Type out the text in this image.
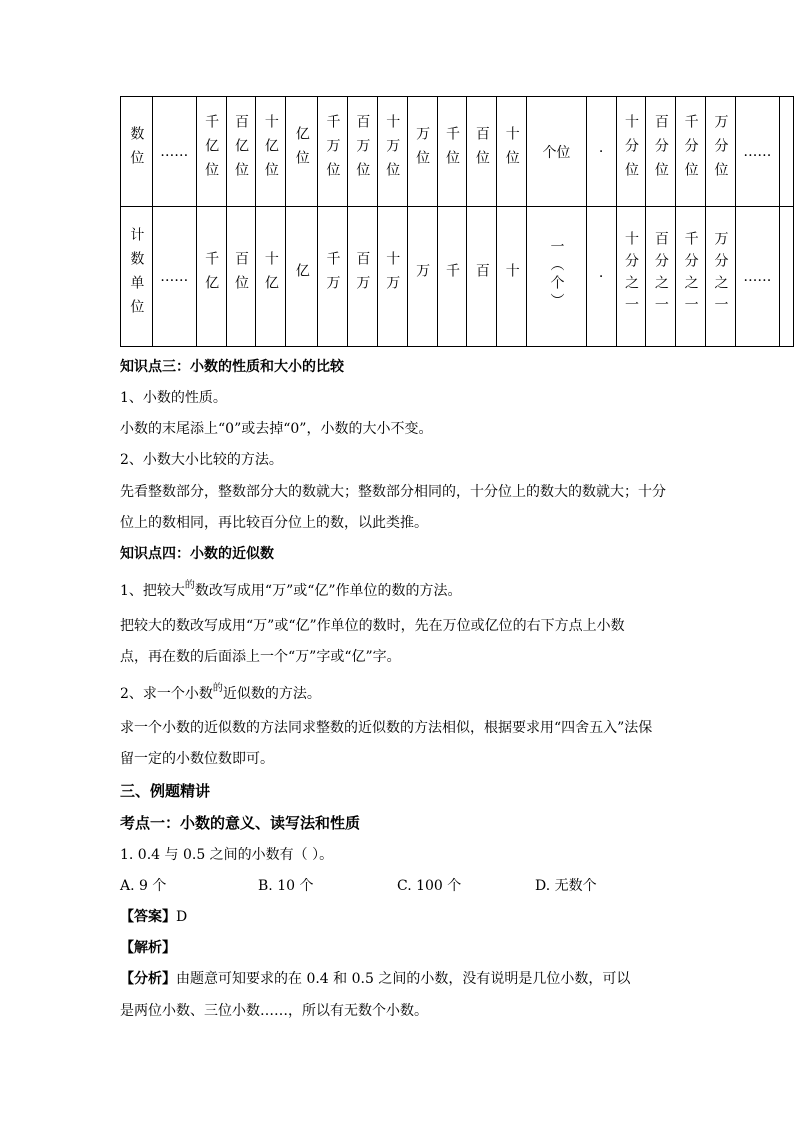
数位	……	千亿位	百亿位	十亿位	亿位	千万位	百万位	十万位	万位	千位	百位	十位	个位	·	十分位	百分位	千分位	万分位	……	
计数单位	……	千亿	百位	十亿	亿	千万	百万	十万	万	千	百	十	一（个）	·	十分之一	百分之一	千分之一	万分之一	……	
知识点三：小数的性质和大小的比较
1、小数的性质。
小数的末尾添上“0”或去掉“0”，小数的大小不变。
2、小数大小比较的方法。
先看整数部分，整数部分大的数就大；整数部分相同的，十分位上的数大的数就大；十分
位上的数相同，再比较百分位上的数，以此类推。
知识点四：小数的近似数
1、把较大$^的$数改写成用“万”或“亿”作单位的数的方法。
把较大的数改写成用“万”或“亿”作单位的数时，先在万位或亿位的右下方点上小数
点，再在数的后面添上一个“万”字或“亿”字。
2、求一个小数$^的$近似数的方法。
求一个小数的近似数的方法同求整数的近似数的方法相似，根据要求用“四舍五入”法保
留一定的小数位数即可。
三、例题精讲
考点一：小数的意义、读写法和性质
1. 0.4 与 0.5 之间的小数有（ ）。
A. 9 个	B. 10 个	C. 100 个	D. 无数个
【答案】D
【解析】
【分析】由题意可知要求的在 0.4 和 0.5 之间的小数，没有说明是几位小数，可以
是两位小数、三位小数……，所以有无数个小数。
